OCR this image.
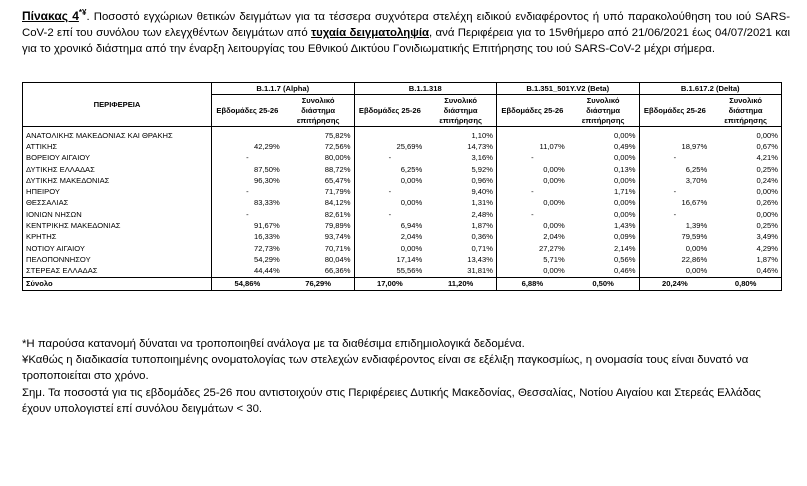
Πίνακας 4*¥. Ποσοστό εγχώριων θετικών δειγμάτων για τα τέσσερα συχνότερα στελέχη ειδικού ενδιαφέροντος ή υπό παρακολούθηση του ιού SARS-CoV-2 επί του συνόλου των ελεγχθέντων δειγμάτων από τυχαία δειγματοληψία, ανά Περιφέρεια για το 15νθήμερο από 21/06/2021 έως 04/07/2021 και για το χρονικό διάστημα από την έναρξη λειτουργίας του Εθνικού Δικτύου Γονιδιωματικής Επιτήρησης του ιού SARS-CoV-2 μέχρι σήμερα.
ΠΕΡΙΦΕΡΕΙΑ	B.1.1.7 (Alpha)		B.1.1.318		B.1.351_501Y.V2 (Beta)		B.1.617.2 (Delta)	
	Εβδομάδες 25-26	Συνολικό διάστημα επιτήρησης	Εβδομάδες 25-26	Συνολικό διάστημα επιτήρησης	Εβδομάδες 25-26	Συνολικό διάστημα επιτήρησης	Εβδομάδες 25-26	Συνολικό διάστημα επιτήρησης
ΑΝΑΤΟΛΙΚΗΣ ΜΑΚΕΔΟΝΙΑΣ ΚΑΙ ΘΡΑΚΗΣ		75,82%		1,10%		0,00%		0,00%
ΑΤΤΙΚΗΣ	42,29%	72,56%	25,69%	14,73%	11,07%	0,49%	18,97%	0,67%
ΒΟΡΕΙΟΥ ΑΙΓΑΙΟΥ	-	80,00%	-	3,16%	-	0,00%	-	4,21%
ΔΥΤΙΚΗΣ ΕΛΛΑΔΑΣ	87,50%	88,72%	6,25%	5,92%	0,00%	0,13%	6,25%	0,25%
ΔΥΤΙΚΗΣ ΜΑΚΕΔΟΝΙΑΣ	96,30%	65,47%	0,00%	0,96%	0,00%	0,00%	3,70%	0,24%
ΗΠΕΙΡΟΥ	-	71,79%	-	9,40%	-	1,71%	-	0,00%
ΘΕΣΣΑΛΙΑΣ	83,33%	84,12%	0,00%	1,31%	0,00%	0,00%	16,67%	0,26%
ΙΟΝΙΩΝ ΝΗΣΩΝ	-	82,61%	-	2,48%	-	0,00%	-	0,00%
ΚΕΝΤΡΙΚΗΣ ΜΑΚΕΔΟΝΙΑΣ	91,67%	79,89%	6,94%	1,87%	0,00%	1,43%	1,39%	0,25%
ΚΡΗΤΗΣ	16,33%	93,74%	2,04%	0,36%	2,04%	0,09%	79,59%	3,49%
ΝΟΤΙΟΥ ΑΙΓΑΙΟΥ	72,73%	70,71%	0,00%	0,71%	27,27%	2,14%	0,00%	4,29%
ΠΕΛΟΠΟΝΝΗΣΟΥ	54,29%	80,04%	17,14%	13,43%	5,71%	0,56%	22,86%	1,87%
ΣΤΕΡΕΑΣ ΕΛΛΑΔΑΣ	44,44%	66,36%	55,56%	31,81%	0,00%	0,46%	0,00%	0,46%
Σύνολο	54,86%	76,29%	17,00%	11,20%	6,88%	0,50%	20,24%	0,80%

*Η παρούσα κατανομή δύναται να τροποποιηθεί ανάλογα με τα διαθέσιμα επιδημιολογικά δεδομένα.

¥Καθώς η διαδικασία τυποποιημένης ονοματολογίας των στελεχών ενδιαφέροντος είναι σε εξέλιξη παγκοσμίως, η ονομασία τους είναι δυνατό να τροποποιείται στο χρόνο.

Σημ. Τα ποσοστά για τις εβδομάδες 25-26 που αντιστοιχούν στις Περιφέρειες Δυτικής Μακεδονίας, Θεσσαλίας, Νοτίου Αιγαίου και Στερεάς Ελλάδας έχουν υπολογιστεί επί συνόλου δειγμάτων < 30.
